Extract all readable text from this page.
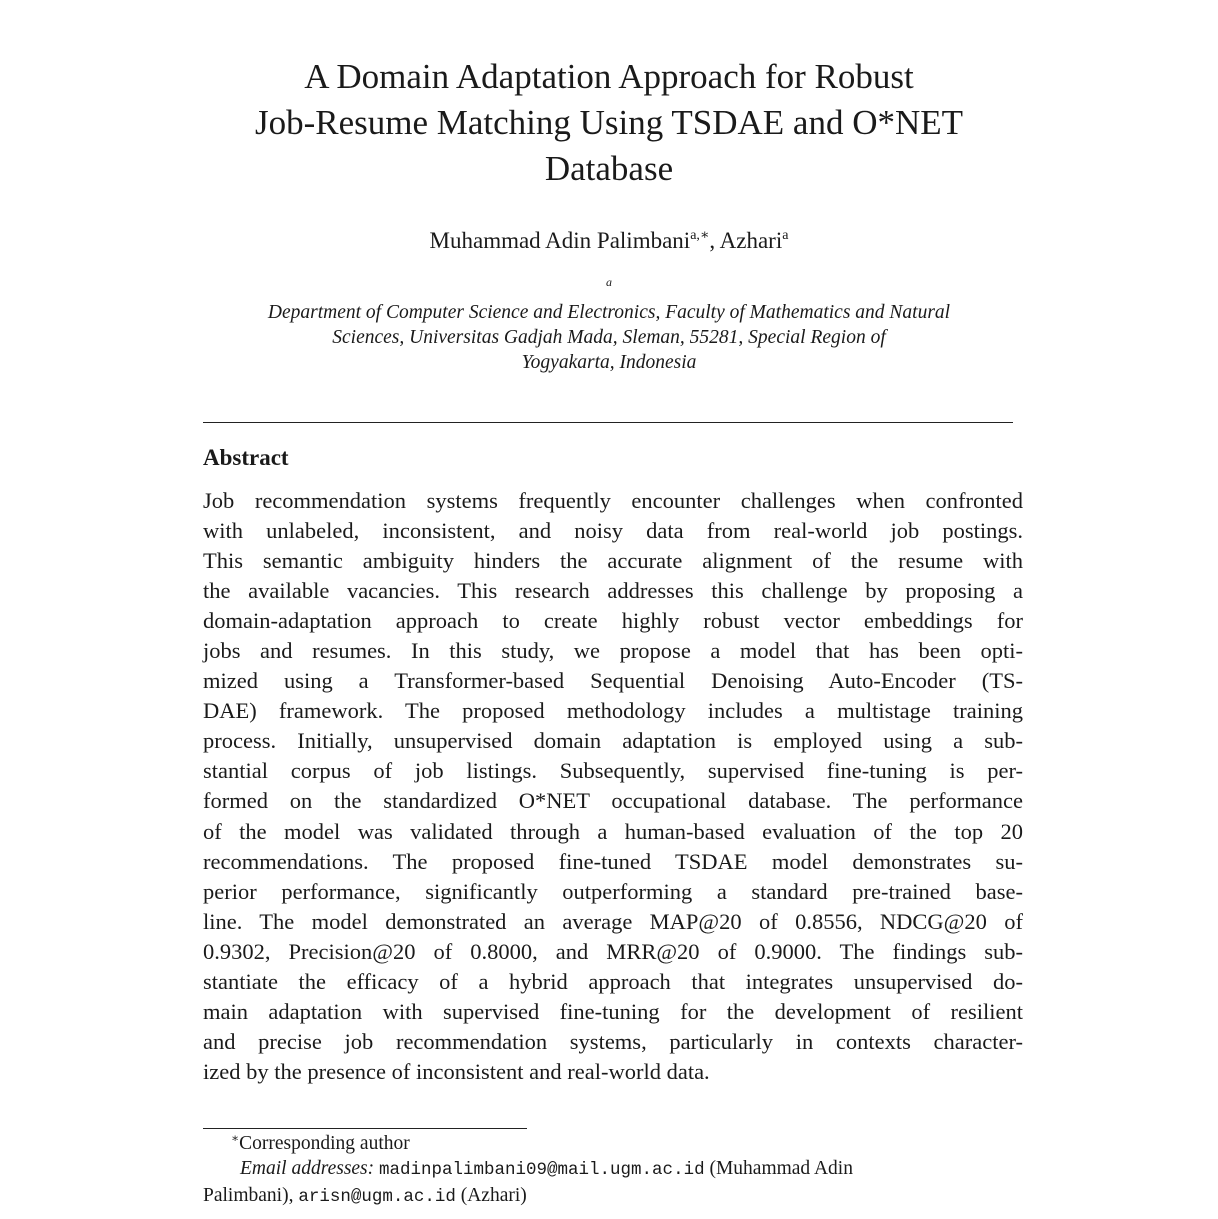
A Domain Adaptation Approach for Robust
Job-Resume Matching Using TSDAE and O*NET
Database
Muhammad Adin Palimbani$^{a,∗}$, Azhari$^a$
$^a$
Department of Computer Science and Electronics, Faculty of Mathematics and Natural
Sciences, Universitas Gadjah Mada, Sleman, 55281, Special Region of
Yogyakarta, Indonesia
Abstract
Job recommendation systems frequently encounter challenges when confronted
with unlabeled, inconsistent, and noisy data from real-world job postings.
This semantic ambiguity hinders the accurate alignment of the resume with
the available vacancies. This research addresses this challenge by proposing a
domain-adaptation approach to create highly robust vector embeddings for
jobs and resumes. In this study, we propose a model that has been opti-
mized using a Transformer-based Sequential Denoising Auto-Encoder (TS-
DAE) framework. The proposed methodology includes a multistage training
process. Initially, unsupervised domain adaptation is employed using a sub-
stantial corpus of job listings. Subsequently, supervised fine-tuning is per-
formed on the standardized O*NET occupational database. The performance
of the model was validated through a human-based evaluation of the top 20
recommendations. The proposed fine-tuned TSDAE model demonstrates su-
perior performance, significantly outperforming a standard pre-trained base-
line. The model demonstrated an average MAP@20 of 0.8556, NDCG@20 of
0.9302, Precision@20 of 0.8000, and MRR@20 of 0.9000. The findings sub-
stantiate the efficacy of a hybrid approach that integrates unsupervised do-
main adaptation with supervised fine-tuning for the development of resilient
and precise job recommendation systems, particularly in contexts character-
ized by the presence of inconsistent and real-world data.
∗Corresponding author
Email addresses: madinpalimbani09@mail.ugm.ac.id (Muhammad Adin
Palimbani), arisn@ugm.ac.id (Azhari)
